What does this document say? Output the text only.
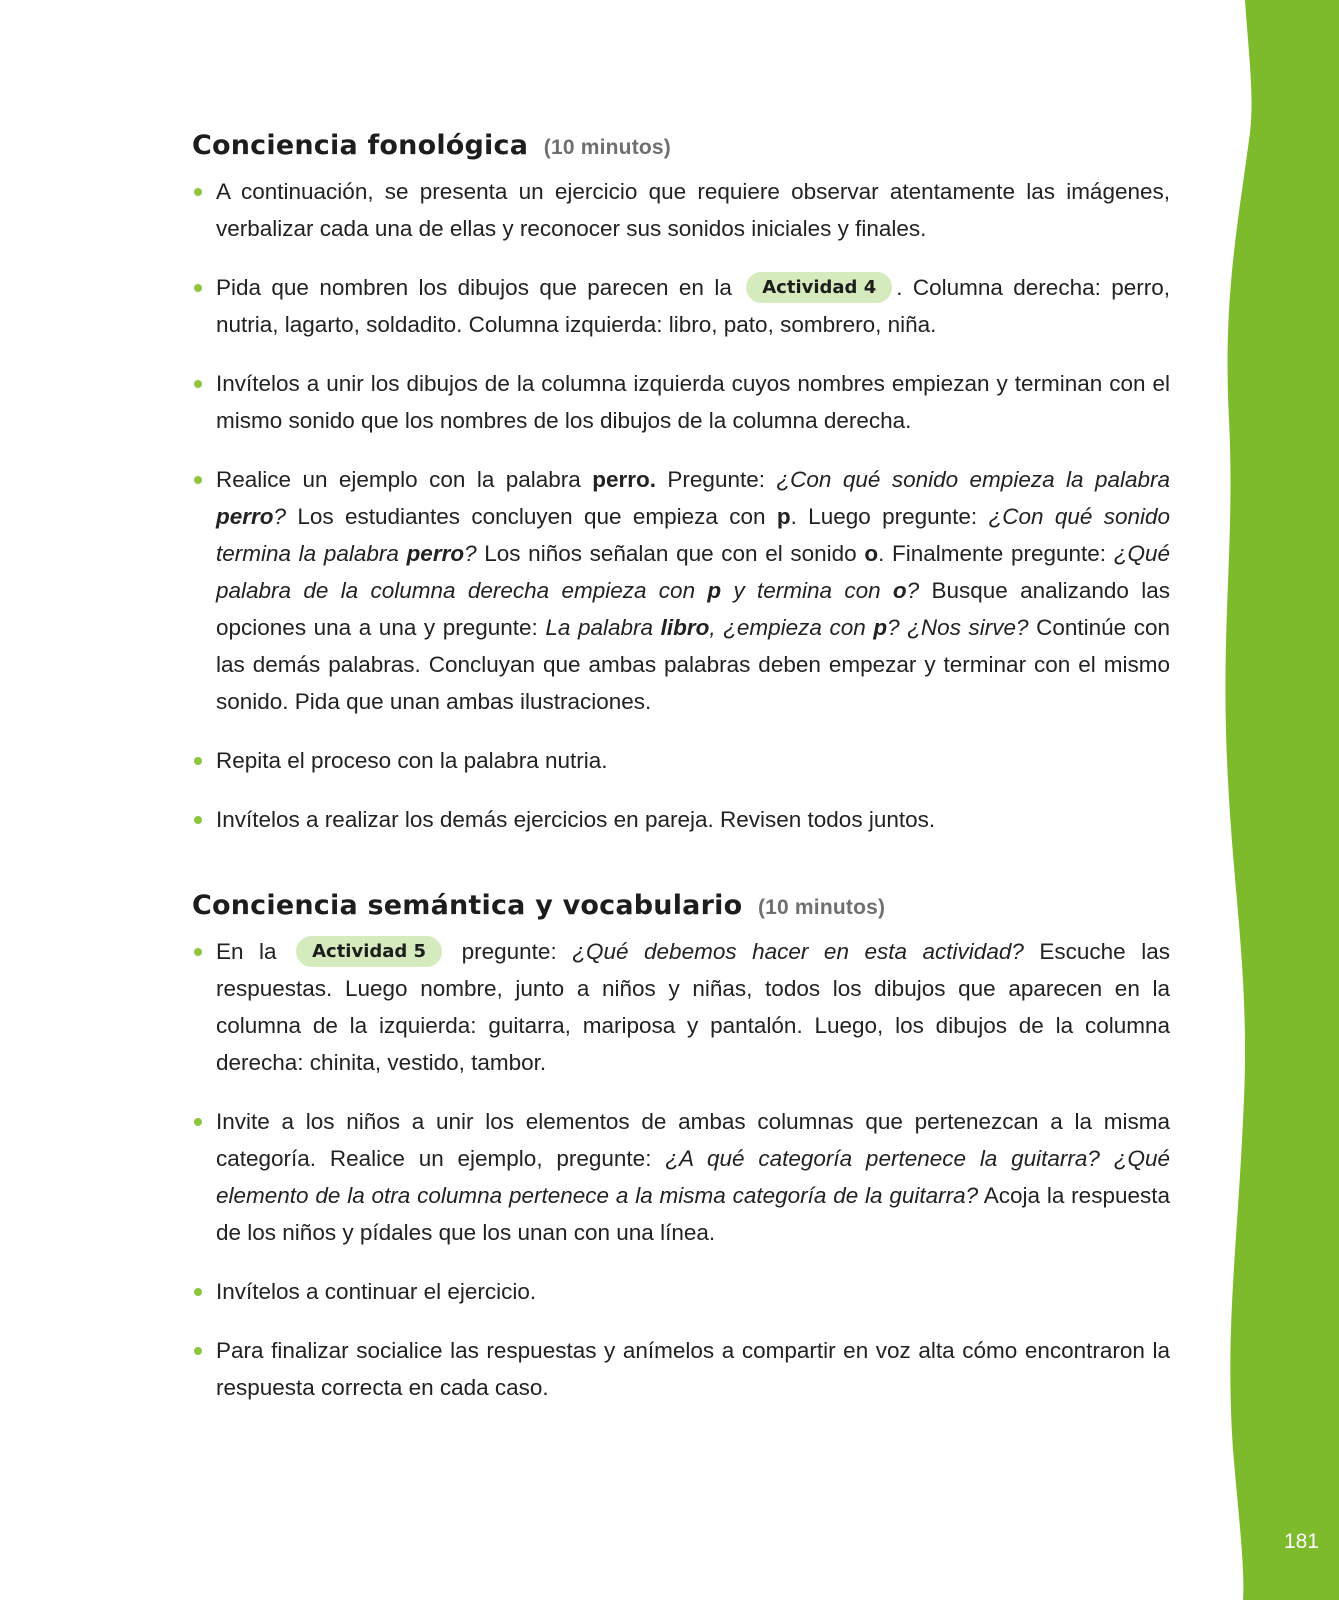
181
Conciencia fonológica (10 minutos)
A continuación, se presenta un ejercicio que requiere observar atentamente las imágenes, verbalizar cada una de ellas y reconocer sus sonidos iniciales y finales.
Pida que nombren los dibujos que parecen en la Actividad 4 . Columna derecha: perro, nutria, lagarto, soldadito. Columna izquierda: libro, pato, sombrero, niña.
Invítelos a unir los dibujos de la columna izquierda cuyos nombres empiezan y terminan con el mismo sonido que los nombres de los dibujos de la columna derecha.
Realice un ejemplo con la palabra perro. Pregunte: ¿Con qué sonido empieza la palabra perro? Los estudiantes concluyen que empieza con p. Luego pregunte: ¿Con qué sonido termina la palabra perro? Los niños señalan que con el sonido o. Finalmente pregunte: ¿Qué palabra de la columna derecha empieza con p y termina con o? Busque analizando las opciones una a una y pregunte: La palabra libro, ¿empieza con p? ¿Nos sirve? Continúe con las demás palabras. Concluyan que ambas palabras deben empezar y terminar con el mismo sonido. Pida que unan ambas ilustraciones.
Repita el proceso con la palabra nutria.
Invítelos a realizar los demás ejercicios en pareja. Revisen todos juntos.
Conciencia semántica y vocabulario (10 minutos)
En la Actividad 5 pregunte: ¿Qué debemos hacer en esta actividad? Escuche las respuestas. Luego nombre, junto a niños y niñas, todos los dibujos que aparecen en la columna de la izquierda: guitarra, mariposa y pantalón. Luego, los dibujos de la columna derecha: chinita, vestido, tambor.
Invite a los niños a unir los elementos de ambas columnas que pertenezcan a la misma categoría. Realice un ejemplo, pregunte: ¿A qué categoría pertenece la guitarra? ¿Qué elemento de la otra columna pertenece a la misma categoría de la guitarra? Acoja la respuesta de los niños y pídales que los unan con una línea.
Invítelos a continuar el ejercicio.
Para finalizar socialice las respuestas y anímelos a compartir en voz alta cómo encontraron la respuesta correcta en cada caso.
